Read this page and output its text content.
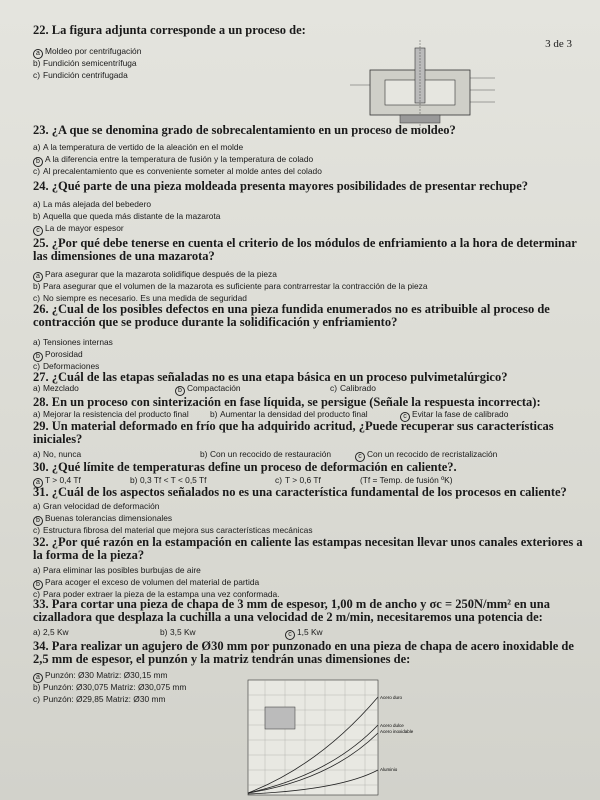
3 de 3
Acero duro
Acero dulce
Acero inoxidable
Aluminio
22. La figura adjunta corresponde a un proceso de:
a Moldeo por centrifugación
b) Fundición semicentrífuga
c) Fundición centrifugada
23. ¿A que se denomina grado de sobrecalentamiento en un proceso de moldeo?
a) A la temperatura de vertido de la aleación en el molde
b A la diferencia entre la temperatura de fusión y la temperatura de colado
c) Al precalentamiento que es conveniente someter al molde antes del colado
24. ¿Qué parte de una pieza moldeada presenta mayores posibilidades de presentar rechupe?
a) La más alejada del bebedero
b) Aquella que queda más distante de la mazarota
c La de mayor espesor
25. ¿Por qué debe tenerse en cuenta el criterio de los módulos de enfriamiento a la hora de determinar las dimensiones de una mazarota?
a Para asegurar que la mazarota solidifique después de la pieza
b) Para asegurar que el volumen de la mazarota es suficiente para contrarrestar la contracción de la pieza
c) No siempre es necesario. Es una medida de seguridad
26. ¿Cual de los posibles defectos en una pieza fundida enumerados no es atribuible al proceso de contracción que se produce durante la solidificación y enfriamiento?
a) Tensiones internas
b Porosidad
c) Deformaciones
27. ¿Cuál de las etapas señaladas no es una etapa básica en un proceso pulvimetalúrgico?
a) Mezclado	b Compactación	c) Calibrado
28. En un proceso con sinterización en fase líquida, se persigue (Señale la respuesta incorrecta):
a) Mejorar la resistencia del producto final	b) Aumentar la densidad del producto final	c Evitar la fase de calibrado
29. Un material deformado en frío que ha adquirido acritud, ¿Puede recuperar sus características iniciales?
a) No, nunca	b) Con un recocido de restauración	c Con un recocido de recristalización
30. ¿Qué límite de temperaturas define un proceso de deformación en caliente?.
a T > 0,4 Tf	b) 0,3 Tf < T < 0,5 Tf	c) T > 0,6 Tf	(Tf = Temp. de fusión ºK)
31. ¿Cuál de los aspectos señalados no es una característica fundamental de los procesos en caliente?
a) Gran velocidad de deformación
b Buenas tolerancias dimensionales
c) Estructura fibrosa del material que mejora sus características mecánicas
32. ¿Por qué razón en la estampación en caliente las estampas necesitan llevar unos canales exteriores a la forma de la pieza?
a) Para eliminar las posibles burbujas de aire
b Para acoger el exceso de volumen del material de partida
c) Para poder extraer la pieza de la estampa una vez conformada.
33. Para cortar una pieza de chapa de 3 mm de espesor, 1,00 m de ancho y σc = 250N/mm² en una cizalladora que desplaza la cuchilla a una velocidad de 2 m/min, necesitaremos una potencia de:
a) 2,5 Kw	b) 3,5 Kw	c 1,5 Kw
34. Para realizar un agujero de Ø30 mm por punzonado en una pieza de chapa de acero inoxidable de 2,5 mm de espesor, el punzón y la matriz tendrán unas dimensiones de:
a Punzón: Ø30 Matriz: Ø30,15 mm
b) Punzón: Ø30,075 Matriz: Ø30,075 mm
c) Punzón: Ø29,85 Matriz: Ø30 mm
